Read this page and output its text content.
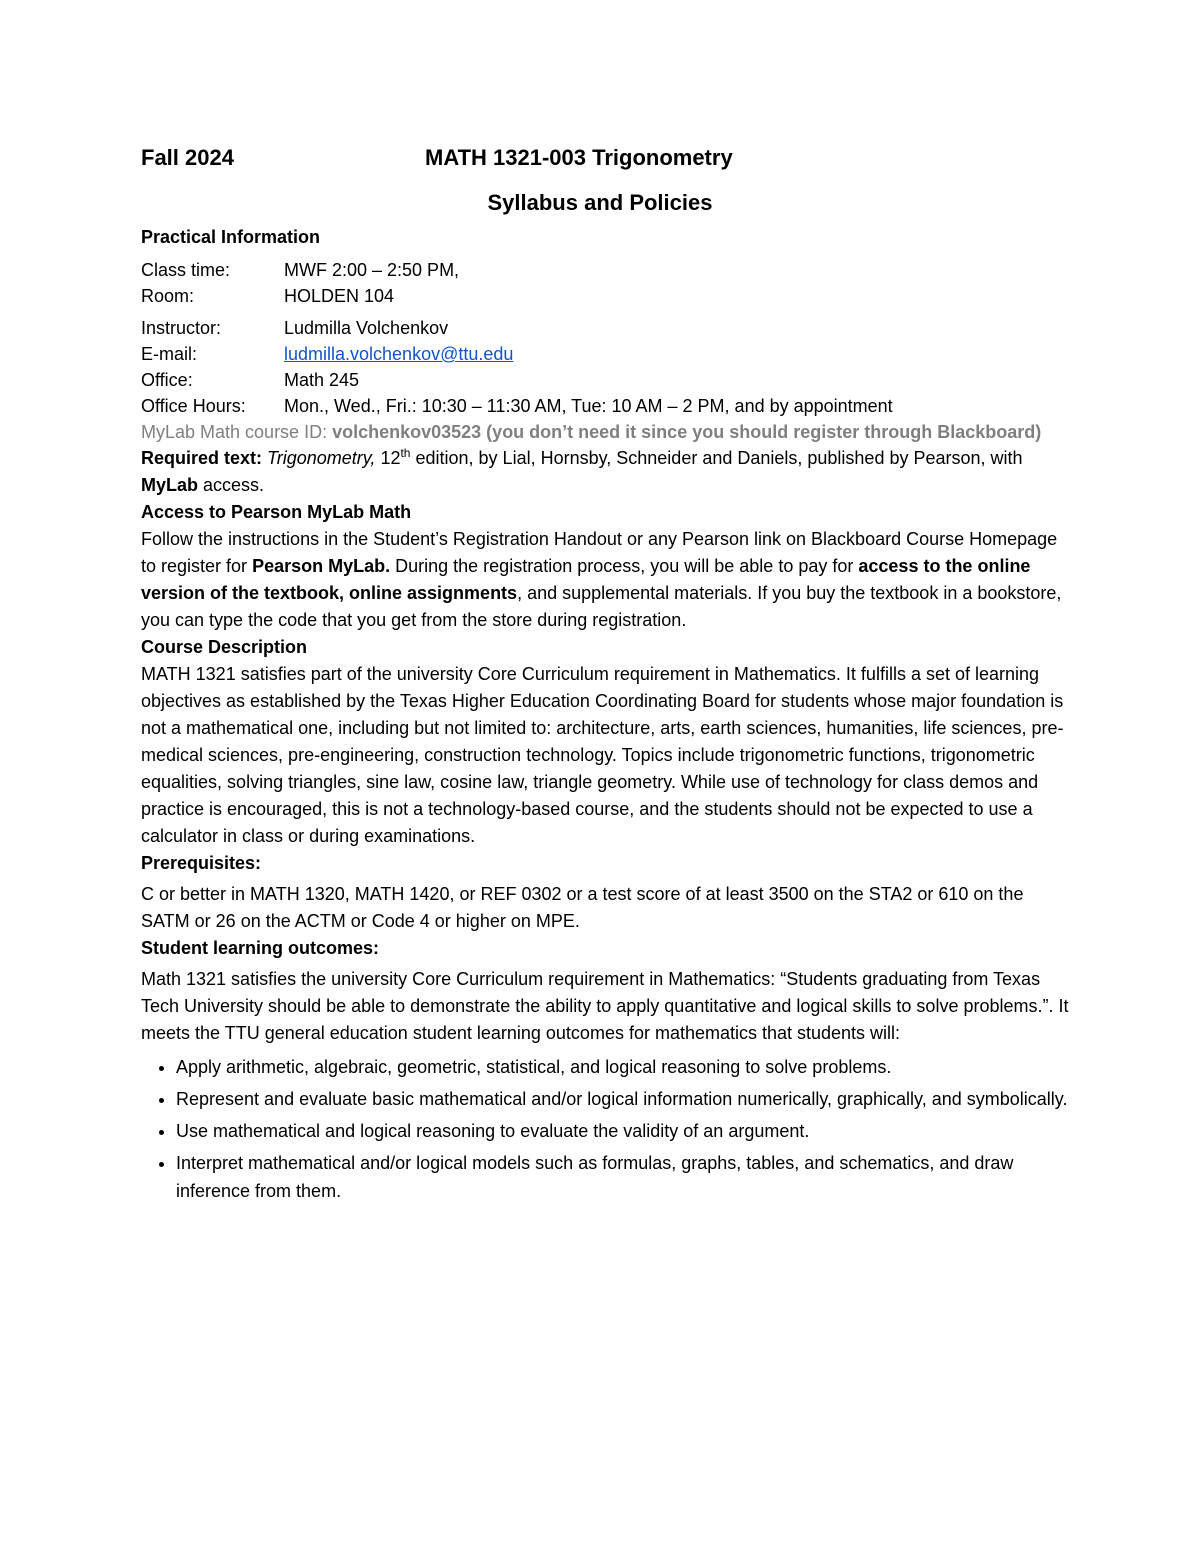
Fall 2024	MATH 1321-003 Trigonometry
Syllabus and Policies
Practical Information
Class time:	MWF 2:00 – 2:50 PM,
Room:	HOLDEN 104
Instructor:	Ludmilla Volchenkov
E-mail:	ludmilla.volchenkov@ttu.edu
Office:	Math 245
Office Hours:	Mon., Wed., Fri.: 10:30 – 11:30 AM, Tue: 10 AM – 2 PM, and by appointment
MyLab Math course ID: volchenkov03523 (you don’t need it since you should register through Blackboard)

Required text: Trigonometry, 12th edition, by Lial, Hornsby, Schneider and Daniels, published by Pearson, with MyLab access.

Access to Pearson MyLab Math

Follow the instructions in the Student’s Registration Handout or any Pearson link on Blackboard Course Homepage to register for Pearson MyLab. During the registration process, you will be able to pay for access to the online version of the textbook, online assignments, and supplemental materials. If you buy the textbook in a bookstore, you can type the code that you get from the store during registration.

Course Description

MATH 1321 satisfies part of the university Core Curriculum requirement in Mathematics. It fulfills a set of learning objectives as established by the Texas Higher Education Coordinating Board for students whose major foundation is not a mathematical one, including but not limited to: architecture, arts, earth sciences, humanities, life sciences, pre-medical sciences, pre-engineering, construction technology. Topics include trigonometric functions, trigonometric equalities, solving triangles, sine law, cosine law, triangle geometry. While use of technology for class demos and practice is encouraged, this is not a technology-based course, and the students should not be expected to use a calculator in class or during examinations.

Prerequisites:

C or better in MATH 1320, MATH 1420, or REF 0302 or a test score of at least 3500 on the STA2 or 610 on the SATM or 26 on the ACTM or Code 4 or higher on MPE.

Student learning outcomes:

Math 1321 satisfies the university Core Curriculum requirement in Mathematics: “Students graduating from Texas Tech University should be able to demonstrate the ability to apply quantitative and logical skills to solve problems.”. It meets the TTU general education student learning outcomes for mathematics that students will:

• Apply arithmetic, algebraic, geometric, statistical, and logical reasoning to solve problems.
• Represent and evaluate basic mathematical and/or logical information numerically, graphically, and symbolically.
• Use mathematical and logical reasoning to evaluate the validity of an argument.
• Interpret mathematical and/or logical models such as formulas, graphs, tables, and schematics, and draw inference from them.
